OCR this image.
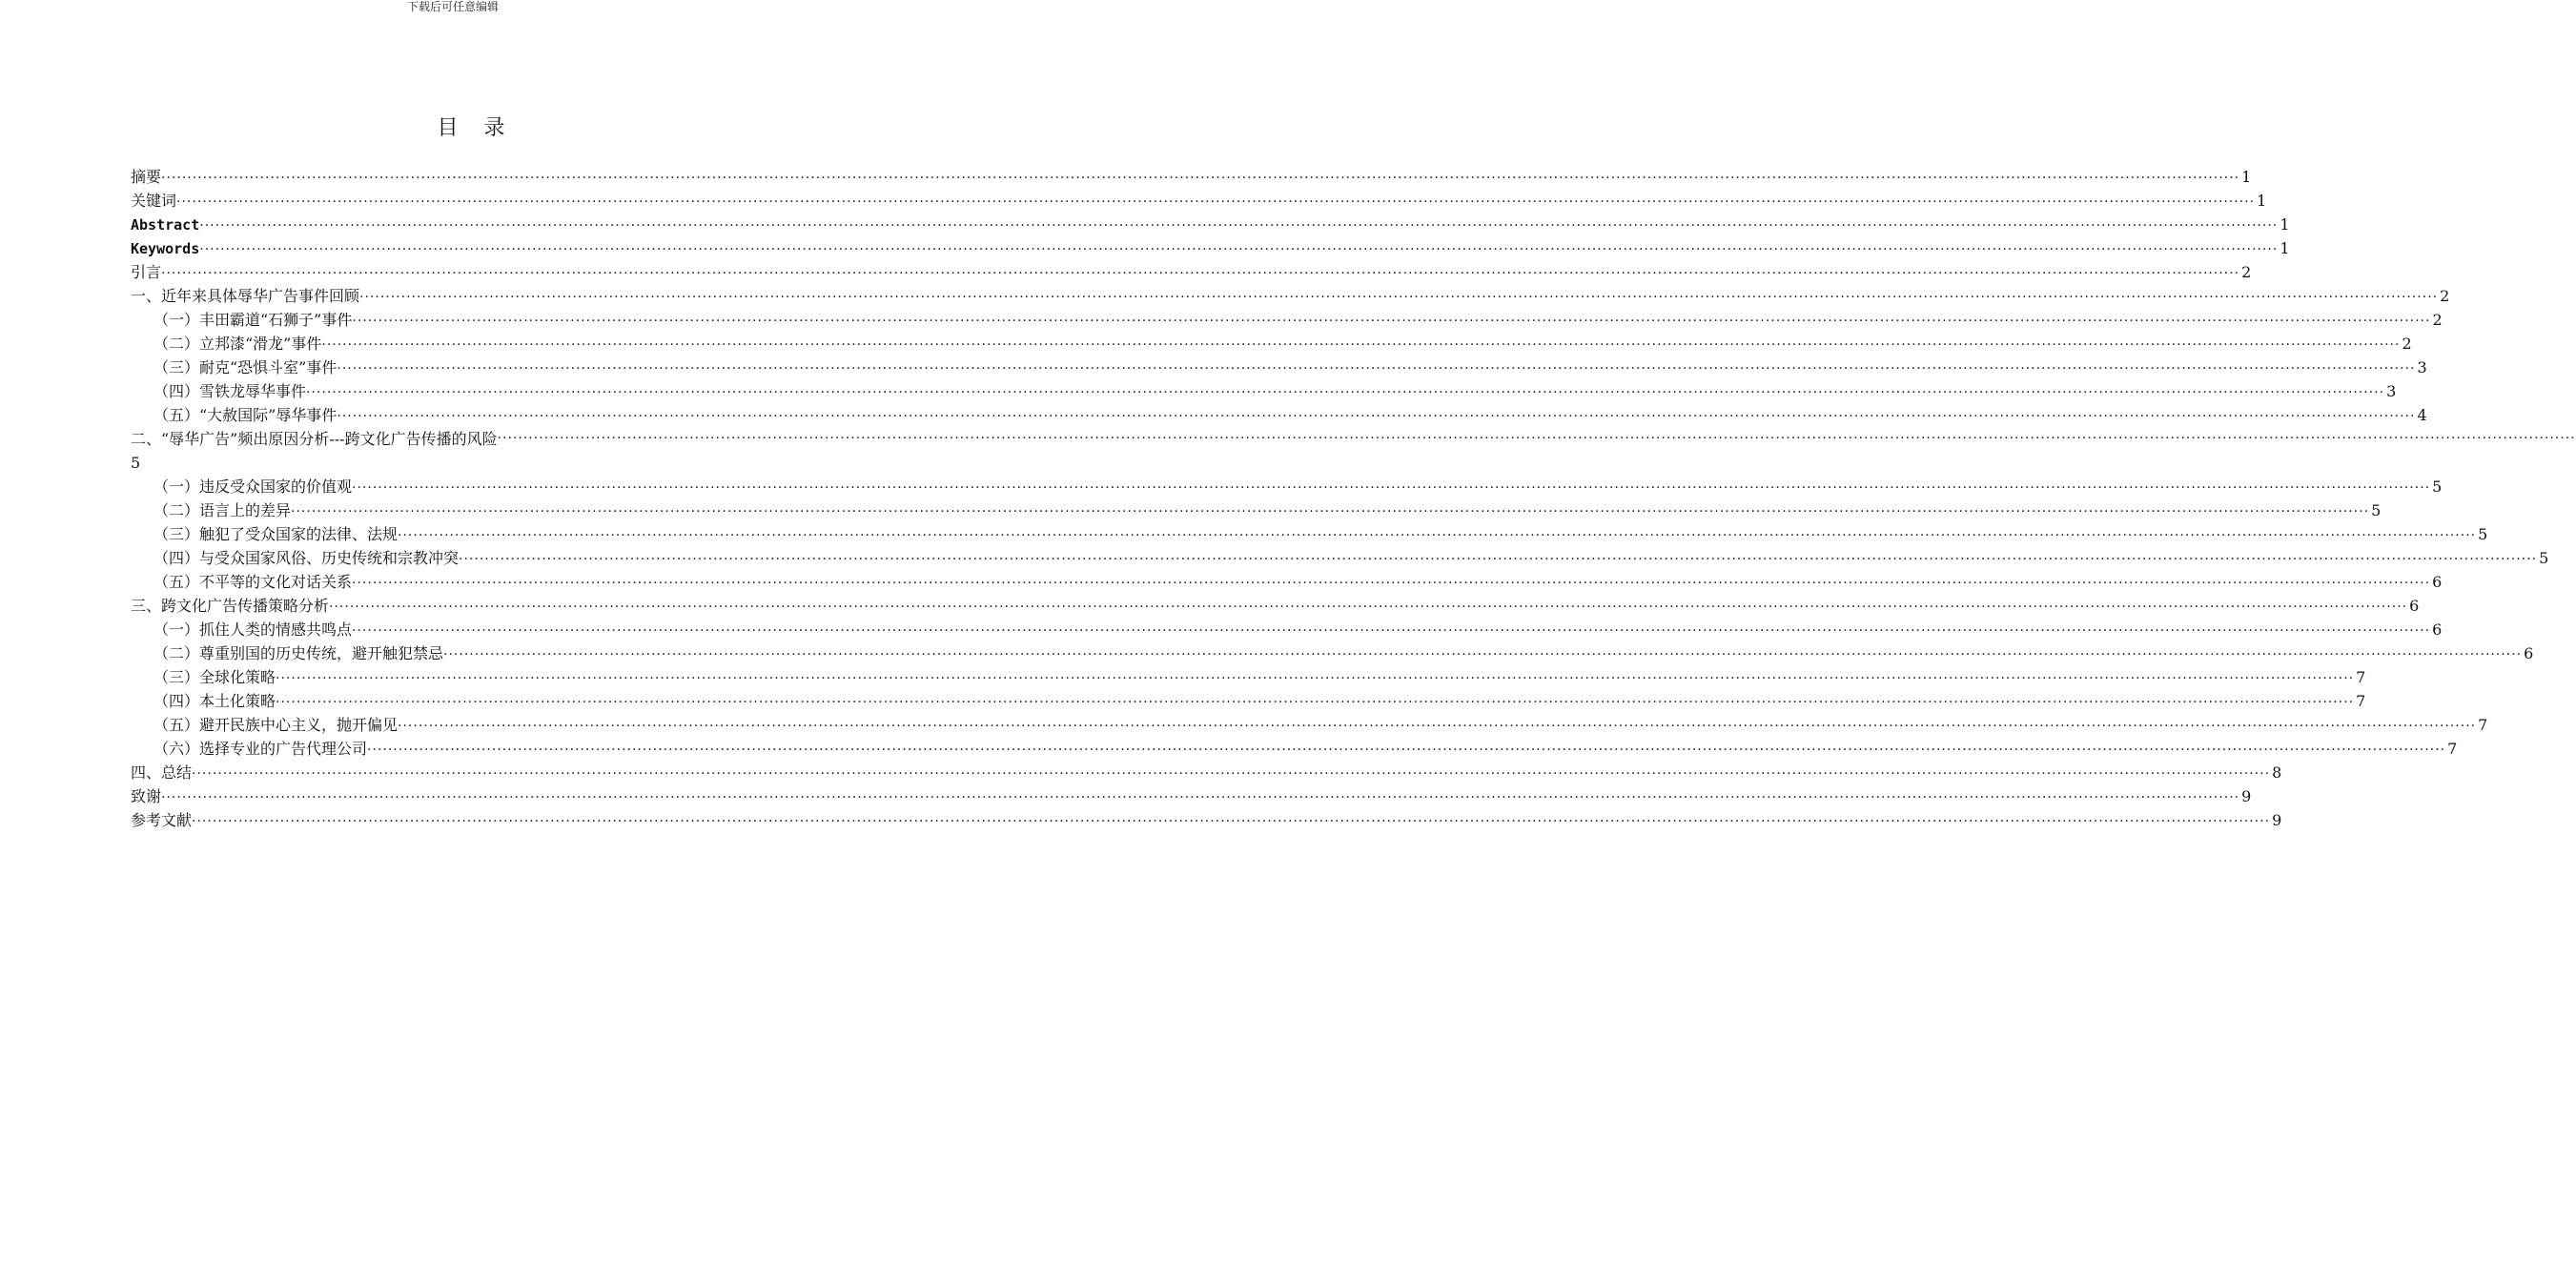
下载后可任意编辑
目 录
摘要 ················································································································································································································································································································································································································ 1
关键词 ················································································································································································································································································································································································································ 1
Abstract ················································································································································································································································································································································································································ 1
Keywords ················································································································································································································································································································································································································ 1
引言 ················································································································································································································································································································································································································ 2
一、近年来具体辱华广告事件回顾 ················································································································································································································································································································································································································ 2
（一）丰田霸道“石狮子”事件 ················································································································································································································································································································································································································ 2
（二）立邦漆“滑龙”事件 ················································································································································································································································································································································································································ 2
（三）耐克“恐惧斗室”事件 ················································································································································································································································································································································································································ 3
（四）雪铁龙辱华事件 ················································································································································································································································································································································································································ 3
（五）“大赦国际”辱华事件 ················································································································································································································································································································································································································ 4
二、“辱华广告”频出原因分析---跨文化广告传播的风险 ················································································································································································································································································································································································································
5
（一）违反受众国家的价值观 ················································································································································································································································································································································································································ 5
（二）语言上的差异 ················································································································································································································································································································································································································ 5
（三）触犯了受众国家的法律、法规 ················································································································································································································································································································································································································ 5
（四）与受众国家风俗、历史传统和宗教冲突 ················································································································································································································································································································································································································ 5
（五）不平等的文化对话关系 ················································································································································································································································································································································································································ 6
三、跨文化广告传播策略分析 ················································································································································································································································································································································································································ 6
（一）抓住人类的情感共鸣点 ················································································································································································································································································································································································································ 6
（二）尊重别国的历史传统，避开触犯禁忌 ················································································································································································································································································································································································································ 6
（三）全球化策略 ················································································································································································································································································································································································································ 7
（四）本土化策略 ················································································································································································································································································································································································································ 7
（五）避开民族中心主义，抛开偏见 ················································································································································································································································································································································································································ 7
（六）选择专业的广告代理公司 ················································································································································································································································································································································································································ 7
四、总结 ················································································································································································································································································································································································································ 8
致谢 ················································································································································································································································································································································································································ 9
参考文献 ················································································································································································································································································································································································································ 9
